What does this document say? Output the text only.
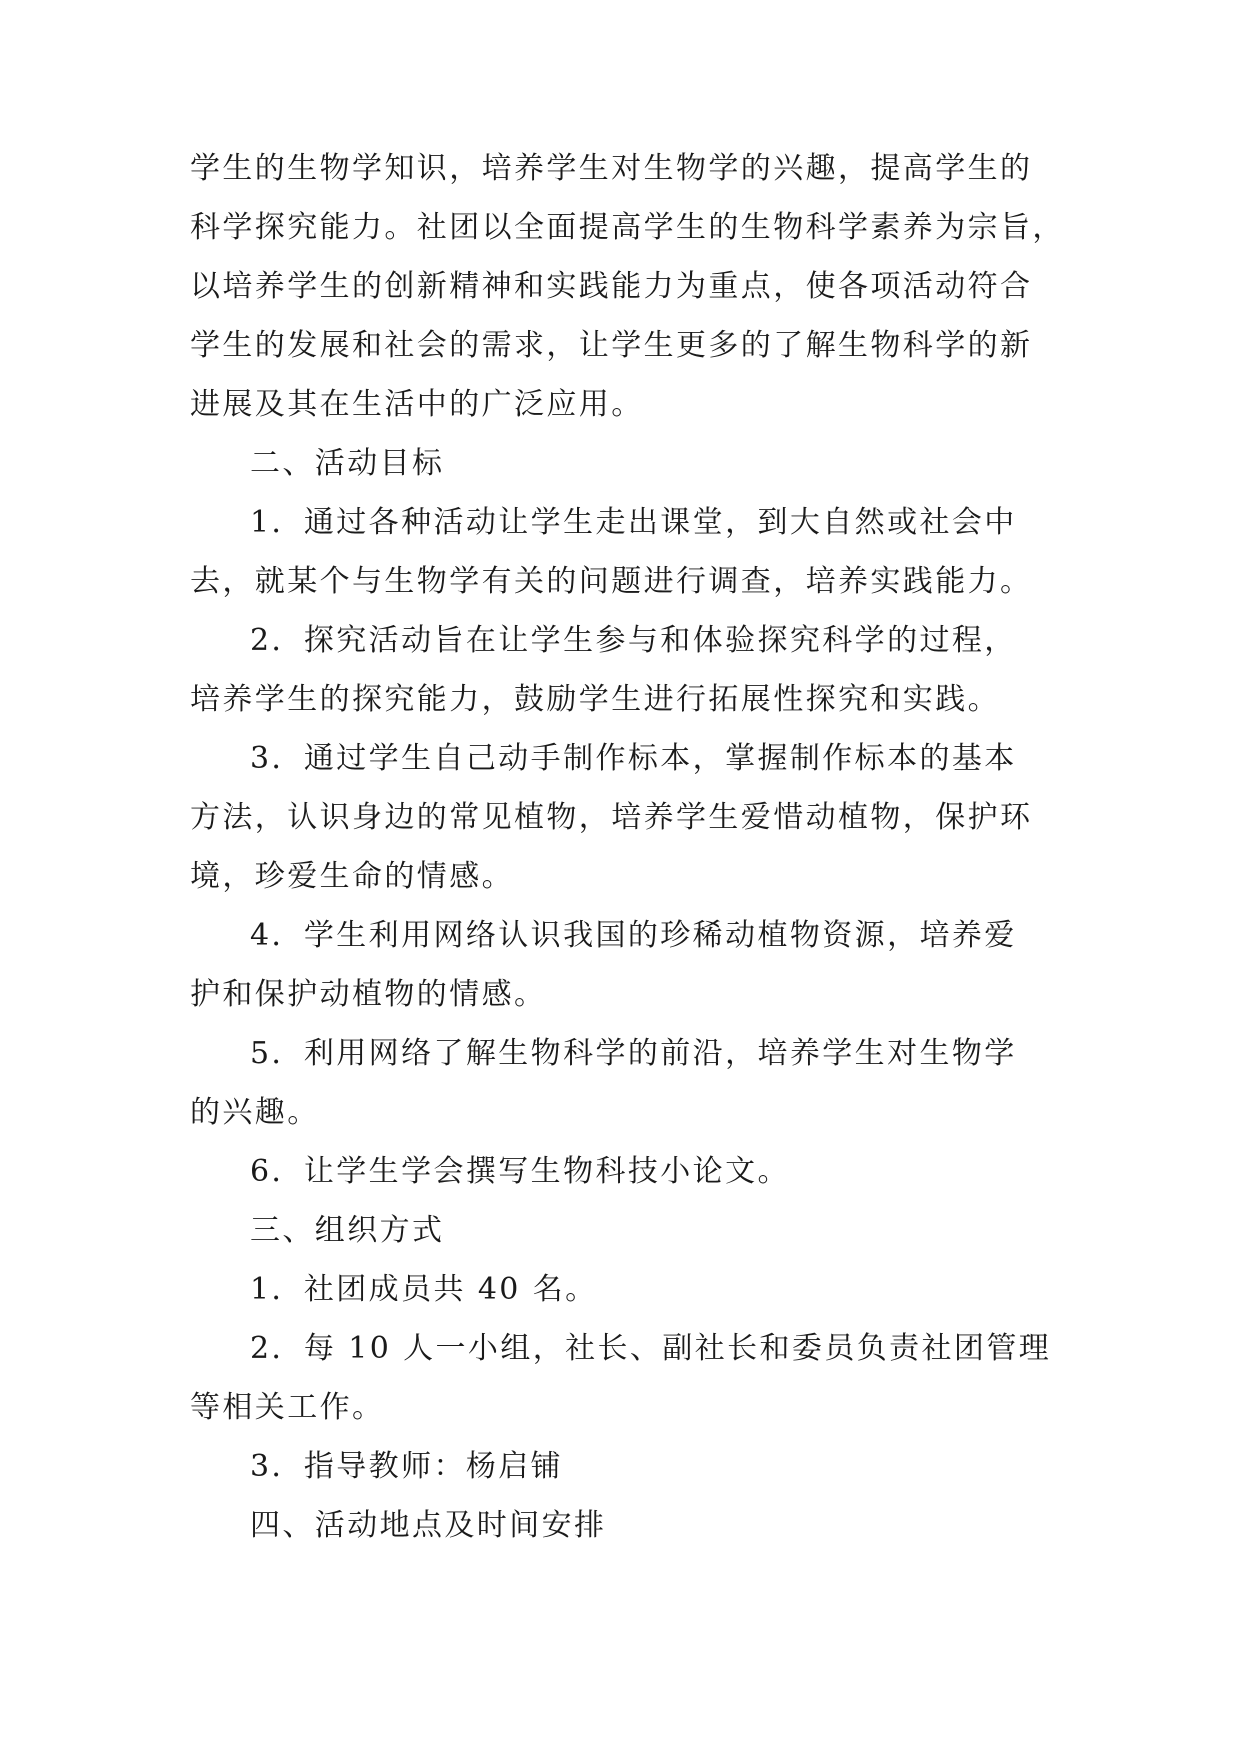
学生的生物学知识，培养学生对生物学的兴趣，提高学生的
科学探究能力。社团以全面提高学生的生物科学素养为宗旨，
以培养学生的创新精神和实践能力为重点，使各项活动符合
学生的发展和社会的需求，让学生更多的了解生物科学的新
进展及其在生活中的广泛应用。
二、活动目标
1．通过各种活动让学生走出课堂，到大自然或社会中
去，就某个与生物学有关的问题进行调查，培养实践能力。
2．探究活动旨在让学生参与和体验探究科学的过程，
培养学生的探究能力，鼓励学生进行拓展性探究和实践。
3．通过学生自己动手制作标本，掌握制作标本的基本
方法，认识身边的常见植物，培养学生爱惜动植物，保护环
境，珍爱生命的情感。
4．学生利用网络认识我国的珍稀动植物资源，培养爱
护和保护动植物的情感。
5．利用网络了解生物科学的前沿，培养学生对生物学
的兴趣。
6．让学生学会撰写生物科技小论文。
三、组织方式
1．社团成员共 40 名。
2．每 10 人一小组，社长、副社长和委员负责社团管理
等相关工作。
3．指导教师：杨启铺
四、活动地点及时间安排
